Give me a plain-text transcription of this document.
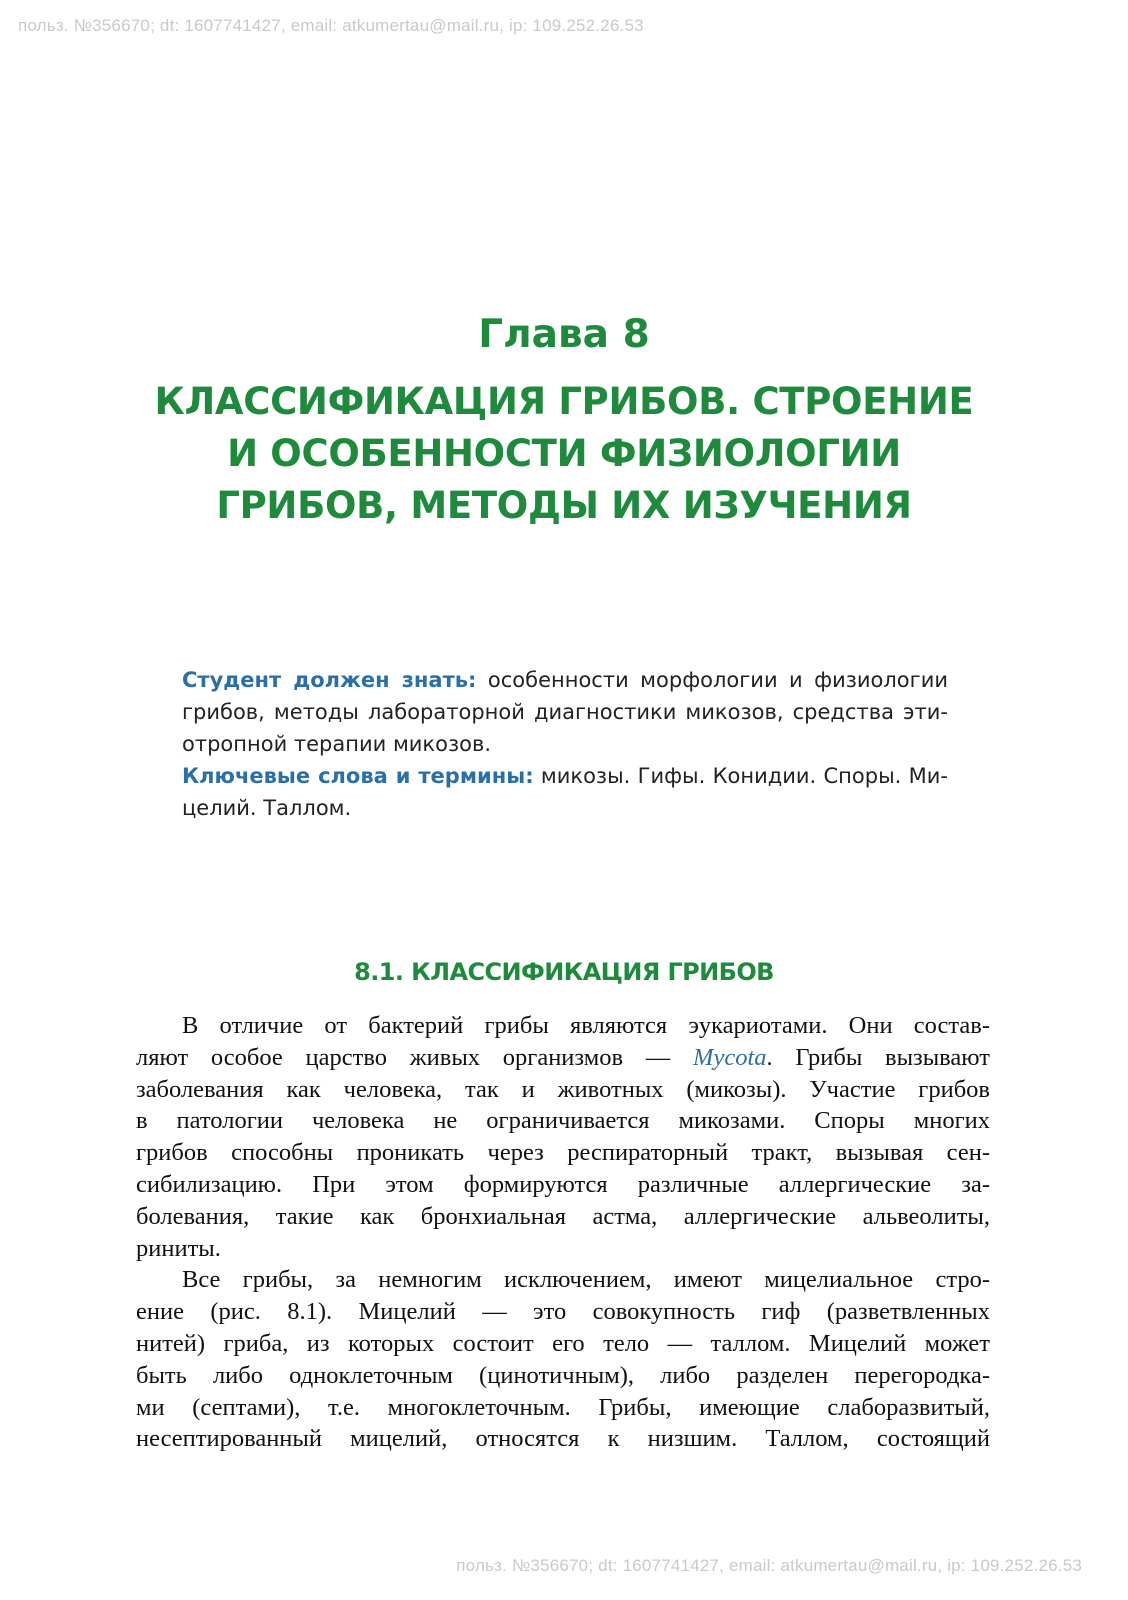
польз. №356670; dt: 1607741427, email: atkumertau@mail.ru, ip: 109.252.26.53
Глава 8
КЛАССИФИКАЦИЯ ГРИБОВ. СТРОЕНИЕ
И ОСОБЕННОСТИ ФИЗИОЛОГИИ
ГРИБОВ, МЕТОДЫ ИХ ИЗУЧЕНИЯ
Студент должен знать: особенности морфологии и физиологии
грибов, методы лабораторной диагностики микозов, средства эти-
отропной терапии микозов.
Ключевые слова и термины: микозы. Гифы. Конидии. Споры. Ми-
целий. Таллом.
8.1. КЛАССИФИКАЦИЯ ГРИБОВ
В отличие от бактерий грибы являются эукариотами. Они состав-
ляют особое царство живых организмов — Mycota. Грибы вызывают
заболевания как человека, так и животных (микозы). Участие грибов
в патологии человека не ограничивается микозами. Споры многих
грибов способны проникать через респираторный тракт, вызывая сен-
сибилизацию. При этом формируются различные аллергические за-
болевания, такие как бронхиальная астма, аллергические альвеолиты,
риниты.
Все грибы, за немногим исключением, имеют мицелиальное стро-
ение (рис. 8.1). Мицелий — это совокупность гиф (разветвленных
нитей) гриба, из которых состоит его тело — таллом. Мицелий может
быть либо одноклеточным (цинотичным), либо разделен перегородка-
ми (септами), т.е. многоклеточным. Грибы, имеющие слаборазвитый,
несептированный мицелий, относятся к низшим. Таллом, состоящий
польз. №356670; dt: 1607741427, email: atkumertau@mail.ru, ip: 109.252.26.53
